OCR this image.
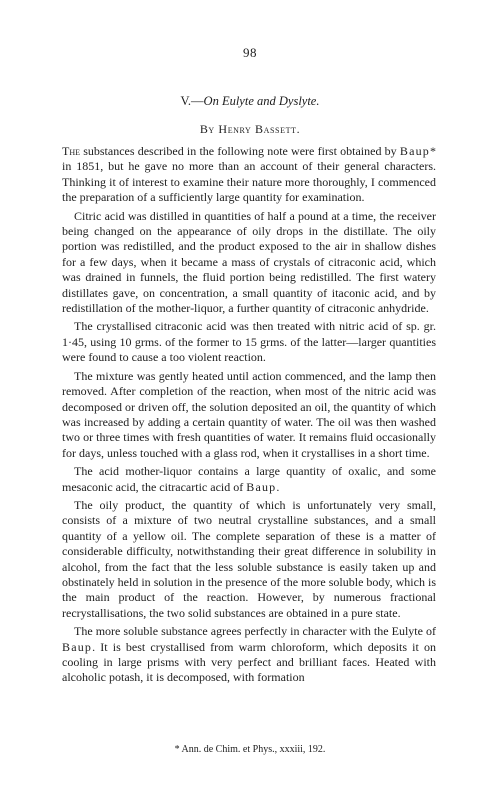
98
V.—On Eulyte and Dyslyte.
By Henry Bassett.

The substances described in the following note were first obtained by Baup* in 1851, but he gave no more than an account of their general characters. Thinking it of interest to examine their nature more thoroughly, I commenced the preparation of a sufficiently large quantity for examination.

Citric acid was distilled in quantities of half a pound at a time, the receiver being changed on the appearance of oily drops in the distillate. The oily portion was redistilled, and the product exposed to the air in shallow dishes for a few days, when it became a mass of crystals of citraconic acid, which was drained in funnels, the fluid portion being redistilled. The first watery distillates gave, on concentration, a small quantity of itaconic acid, and by redistillation of the mother-liquor, a further quantity of citraconic anhydride.

The crystallised citraconic acid was then treated with nitric acid of sp. gr. 1·45, using 10 grms. of the former to 15 grms. of the latter—larger quantities were found to cause a too violent reaction.

The mixture was gently heated until action commenced, and the lamp then removed. After completion of the reaction, when most of the nitric acid was decomposed or driven off, the solution deposited an oil, the quantity of which was increased by adding a certain quantity of water. The oil was then washed two or three times with fresh quantities of water. It remains fluid occasionally for days, unless touched with a glass rod, when it crystallises in a short time.

The acid mother-liquor contains a large quantity of oxalic, and some mesaconic acid, the citracartic acid of Baup.

The oily product, the quantity of which is unfortunately very small, consists of a mixture of two neutral crystalline substances, and a small quantity of a yellow oil. The complete separation of these is a matter of considerable difficulty, notwithstanding their great difference in solubility in alcohol, from the fact that the less soluble substance is easily taken up and obstinately held in solution in the presence of the more soluble body, which is the main product of the reaction. However, by numerous fractional recrystallisations, the two solid substances are obtained in a pure state.

The more soluble substance agrees perfectly in character with the Eulyte of Baup. It is best crystallised from warm chloroform, which deposits it on cooling in large prisms with very perfect and brilliant faces. Heated with alcoholic potash, it is decomposed, with formation

* Ann. de Chim. et Phys., xxxiii, 192.
